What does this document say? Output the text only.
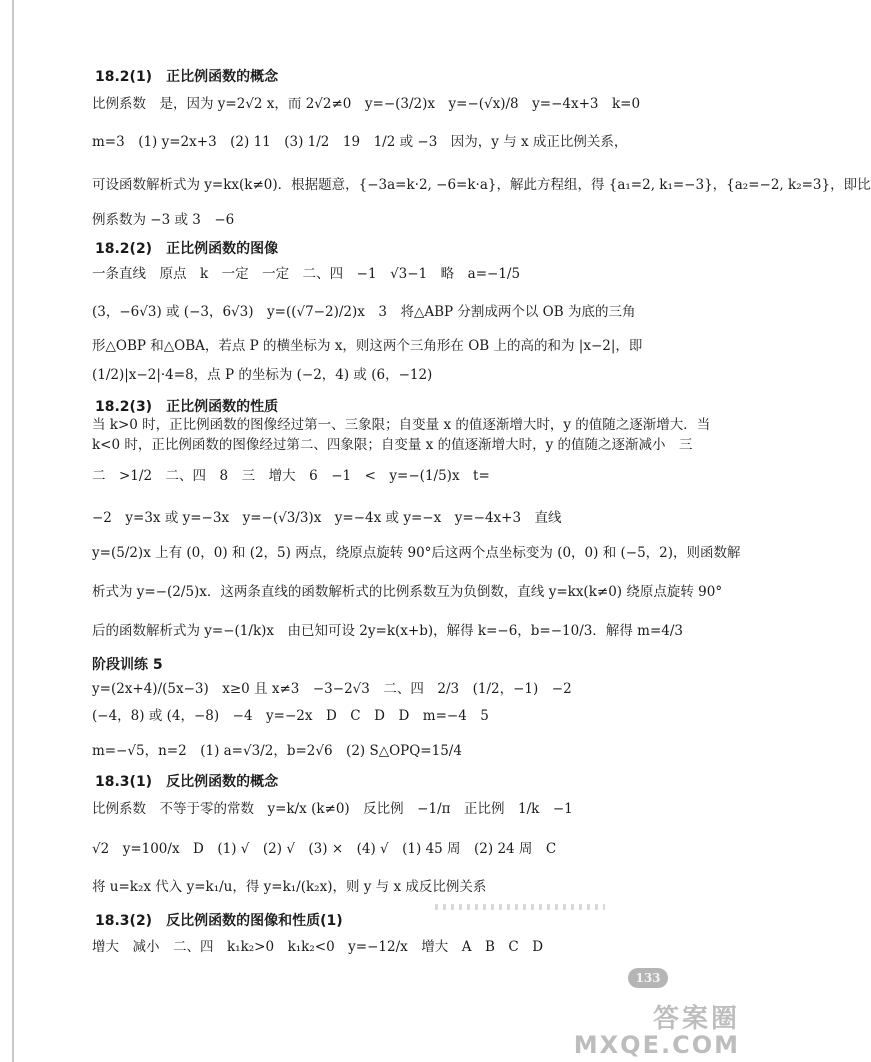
18.2(1)　正比例函数的概念
比例系数　是，因为 y=2√2 x，而 2√2≠0　y=−(3/2)x　y=−(√x)/8　y=−4x+3　k=0
m=3　(1) y=2x+3　(2) 11　(3) 1/2　19　1/2 或 −3　因为，y 与 x 成正比例关系，
可设函数解析式为 y=kx(k≠0)．根据题意，{−3a=k·2, −6=k·a}，解此方程组，得 {a₁=2, k₁=−3}，{a₂=−2, k₂=3}，即比
例系数为 −3 或 3　−6
18.2(2)　正比例函数的图像
一条直线　原点　k　一定　一定　二、四　−1　√3−1　略　a=−1/5
(3，−6√3) 或 (−3，6√3)　y=((√7−2)/2)x　3　将△ABP 分割成两个以 OB 为底的三角
形△OBP 和△OBA，若点 P 的横坐标为 x，则这两个三角形在 OB 上的高的和为 |x−2|，即
(1/2)|x−2|·4=8，点 P 的坐标为 (−2，4) 或 (6，−12)
18.2(3)　正比例函数的性质
当 k>0 时，正比例函数的图像经过第一、三象限；自变量 x 的值逐渐增大时，y 的值随之逐渐增大．当
k<0 时，正比例函数的图像经过第二、四象限；自变量 x 的值逐渐增大时，y 的值随之逐渐减小　三
二　>1/2　二、四　8　三　增大　6　−1　<　y=−(1/5)x　t=
−2　y=3x 或 y=−3x　y=−(√3/3)x　y=−4x 或 y=−x　y=−4x+3　直线
y=(5/2)x 上有 (0，0) 和 (2，5) 两点，绕原点旋转 90°后这两个点坐标变为 (0，0) 和 (−5，2)，则函数解
析式为 y=−(2/5)x．这两条直线的函数解析式的比例系数互为负倒数，直线 y=kx(k≠0) 绕原点旋转 90°
后的函数解析式为 y=−(1/k)x　由已知可设 2y=k(x+b)，解得 k=−6，b=−10/3．解得 m=4/3
阶段训练 5
y=(2x+4)/(5x−3)　x≥0 且 x≠3　−3−2√3　二、四　2/3　(1/2，−1)　−2
(−4，8) 或 (4，−8)　−4　y=−2x　D　C　D　D　m=−4　5
m=−√5，n=2　(1) a=√3/2，b=2√6　(2) S△OPQ=15/4
18.3(1)　反比例函数的概念
比例系数　不等于零的常数　y=k/x (k≠0)　反比例　−1/π　正比例　1/k　−1
√2　y=100/x　D　(1) √　(2) √　(3) ×　(4) √　(1) 45 周　(2) 24 周　C
将 u=k₂x 代入 y=k₁/u，得 y=k₁/(k₂x)，则 y 与 x 成反比例关系
18.3(2)　反比例函数的图像和性质(1)
增大　减小　二、四　k₁k₂>0　k₁k₂<0　y=−12/x　增大　A　B　C　D
133
答案圈
MXQE.COM
